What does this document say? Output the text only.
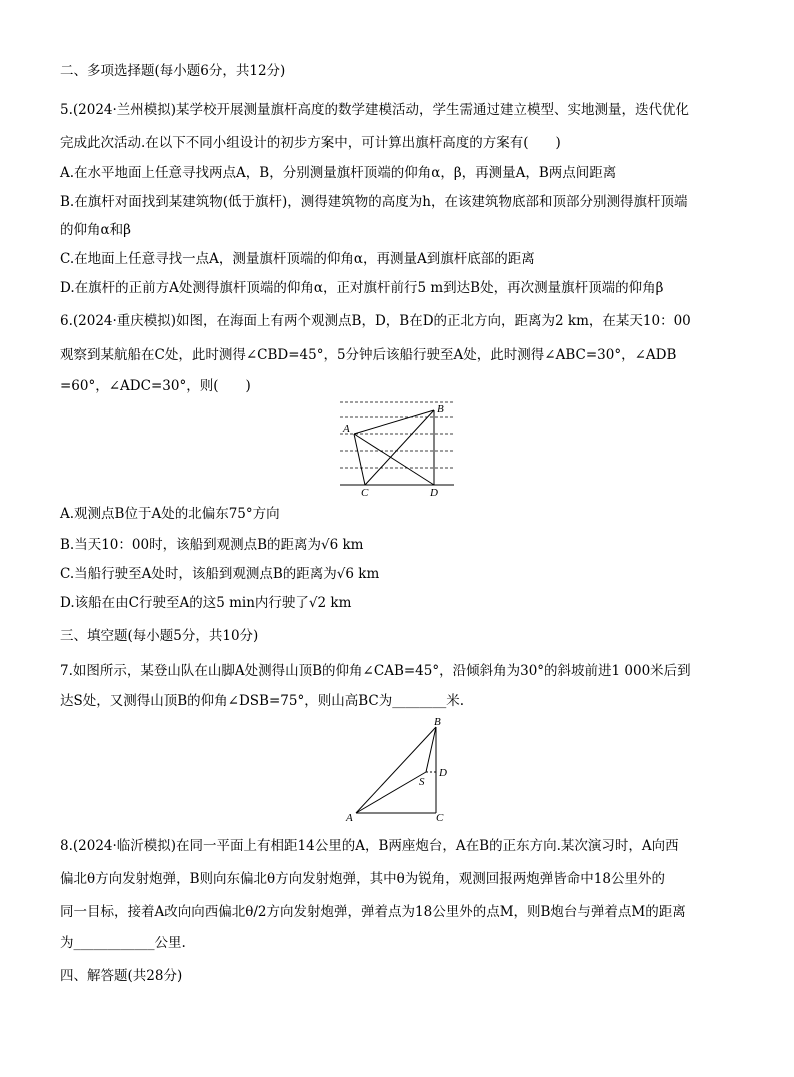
二、多项选择题(每小题6分，共12分)
5.(2024·兰州模拟)某学校开展测量旗杆高度的数学建模活动，学生需通过建立模型、实地测量，迭代优化
完成此次活动.在以下不同小组设计的初步方案中，可计算出旗杆高度的方案有(　　)
A.在水平地面上任意寻找两点A，B，分别测量旗杆顶端的仰角α，β，再测量A，B两点间距离
B.在旗杆对面找到某建筑物(低于旗杆)，测得建筑物的高度为h，在该建筑物底部和顶部分别测得旗杆顶端
的仰角α和β
C.在地面上任意寻找一点A，测量旗杆顶端的仰角α，再测量A到旗杆底部的距离
D.在旗杆的正前方A处测得旗杆顶端的仰角α，正对旗杆前行5 m到达B处，再次测量旗杆顶端的仰角β
6.(2024·重庆模拟)如图，在海面上有两个观测点B，D，B在D的正北方向，距离为2 km，在某天10：00
观察到某航船在C处，此时测得∠CBD=45°，5分钟后该船行驶至A处，此时测得∠ABC=30°，∠ADB
=60°，∠ADC=30°，则(　　)
B
A
C	D
A.观测点B位于A处的北偏东75°方向
B.当天10：00时，该船到观测点B的距离为√6 km
C.当船行驶至A处时，该船到观测点B的距离为√6 km
D.该船在由C行驶至A的这5 min内行驶了√2 km
三、填空题(每小题5分，共10分)
7.如图所示，某登山队在山脚A处测得山顶B的仰角∠CAB=45°，沿倾斜角为30°的斜坡前进1 000米后到
达S处，又测得山顶B的仰角∠DSB=75°，则山高BC为________米.
B
D
S
A	C
8.(2024·临沂模拟)在同一平面上有相距14公里的A，B两座炮台，A在B的正东方向.某次演习时，A向西
偏北θ方向发射炮弹，B则向东偏北θ方向发射炮弹，其中θ为锐角，观测回报两炮弹皆命中18公里外的
同一目标，接着A改向向西偏北θ/2方向发射炮弹，弹着点为18公里外的点M，则B炮台与弹着点M的距离
为____________公里.
四、解答题(共28分)
